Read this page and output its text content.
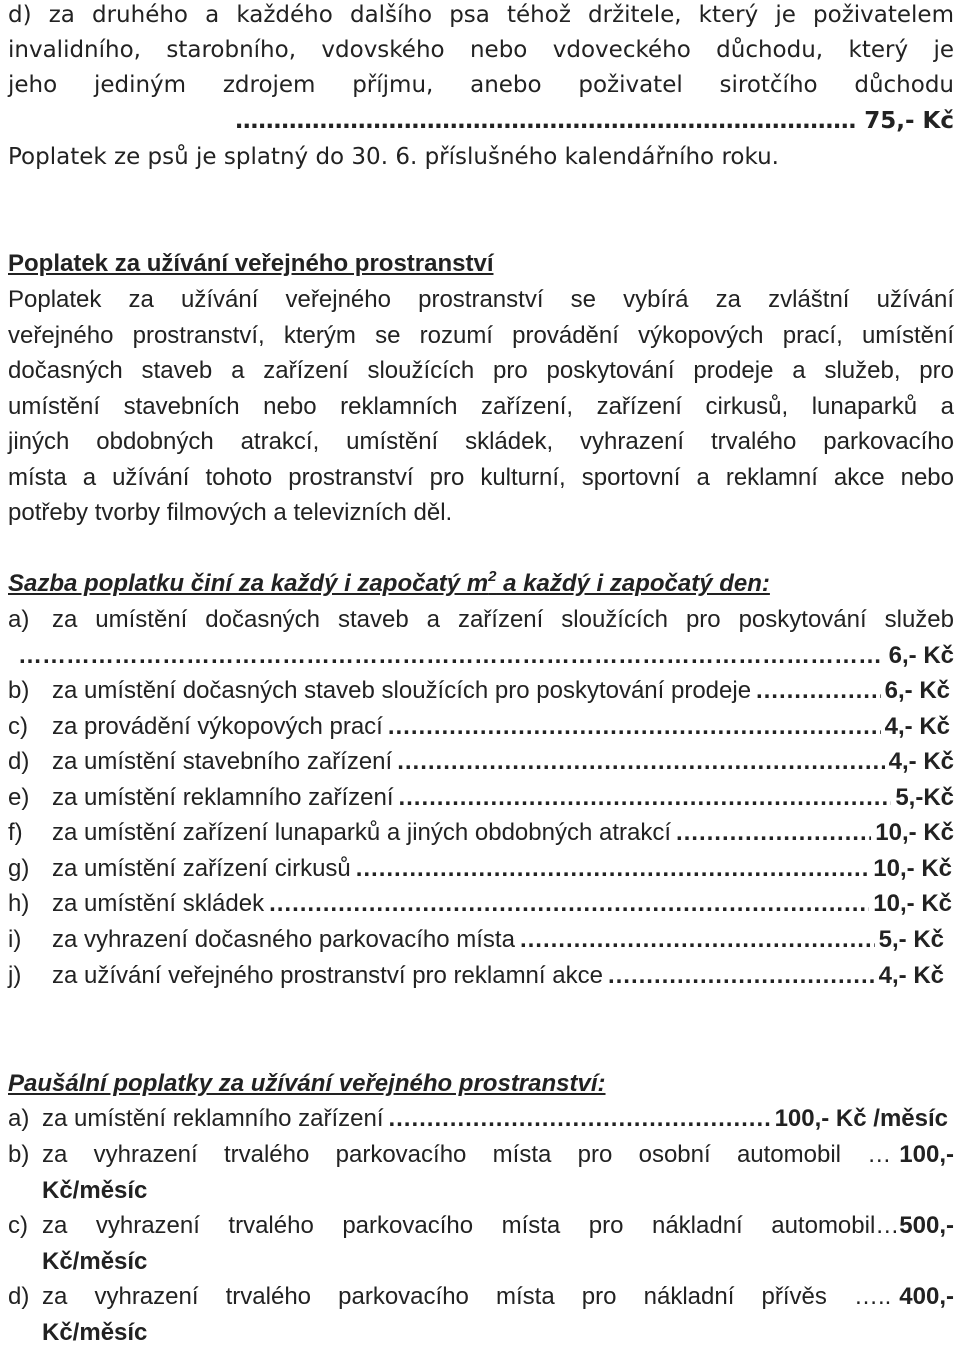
d) za druhého a každého dalšího psa téhož držitele, který je poživatelem
invalidního, starobního, vdovského nebo vdoveckého důchodu, který je
jeho jediným zdrojem příjmu, anebo poživatel sirotčího důchodu
……………………………………………………………………… 75,- Kč
Poplatek ze psů je splatný do 30. 6. příslušného kalendářního roku.
Poplatek za užívání veřejného prostranství
Poplatek za užívání veřejného prostranství se vybírá za zvláštní užívání
veřejného prostranství, kterým se rozumí provádění výkopových prací, umístění
dočasných staveb a zařízení sloužících pro poskytování prodeje a služeb, pro
umístění stavebních nebo reklamních zařízení, zařízení cirkusů, lunaparků a
jiných obdobných atrakcí, umístění skládek, vyhrazení trvalého parkovacího
místa a užívání tohoto prostranství pro kulturní, sportovní a reklamní akce nebo
potřeby tvorby filmových a televizních děl.
Sazba poplatku činí za každý i započatý $m^2$ a každý i započatý den:
a) za umístění dočasných staveb a zařízení sloužících pro poskytování služeb
……………………………………………………………………………………………… 6,- Kč
b) za umístění dočasných staveb sloužících pro poskytování prodeje ………………………………………………………………………………………………………………………………	6,- Kč
c)	za provádění výkopových prací ………………………………………………………………………………………………………………………………	4,- Kč
d) za umístění stavebního zařízení ………………………………………………………………………………………………………………………………	4,- Kč
e) za umístění reklamního zařízení ………………………………………………………………………………………………………………………………	5,-Kč
f)	za umístění zařízení lunaparků a jiných obdobných atrakcí ………………………………………………………………………………………………………………………………	10,- Kč
g) za umístění zařízení cirkusů ………………………………………………………………………………………………………………………………	10,- Kč
h) za umístění skládek ………………………………………………………………………………………………………………………………	10,- Kč
i)	za vyhrazení dočasného parkovacího místa ………………………………………………………………………………………………………………………………	5,- Kč
j)	za užívání veřejného prostranství pro reklamní akce ………………………………………………………………………………………………………………………………	4,- Kč
Paušální poplatky za užívání veřejného prostranství:
a) za umístění reklamního zařízení ………………………………………………………………………………………………………………………………	100,- Kč /měsíc
b) za vyhrazení trvalého parkovacího místa pro osobní automobil … 100,-
Kč/měsíc
c) za vyhrazení trvalého parkovacího místa pro nákladní automobil… 500,-
Kč/měsíc
d) za vyhrazení trvalého parkovacího místa pro nákladní přívěs ….. 400,-
Kč/měsíc
